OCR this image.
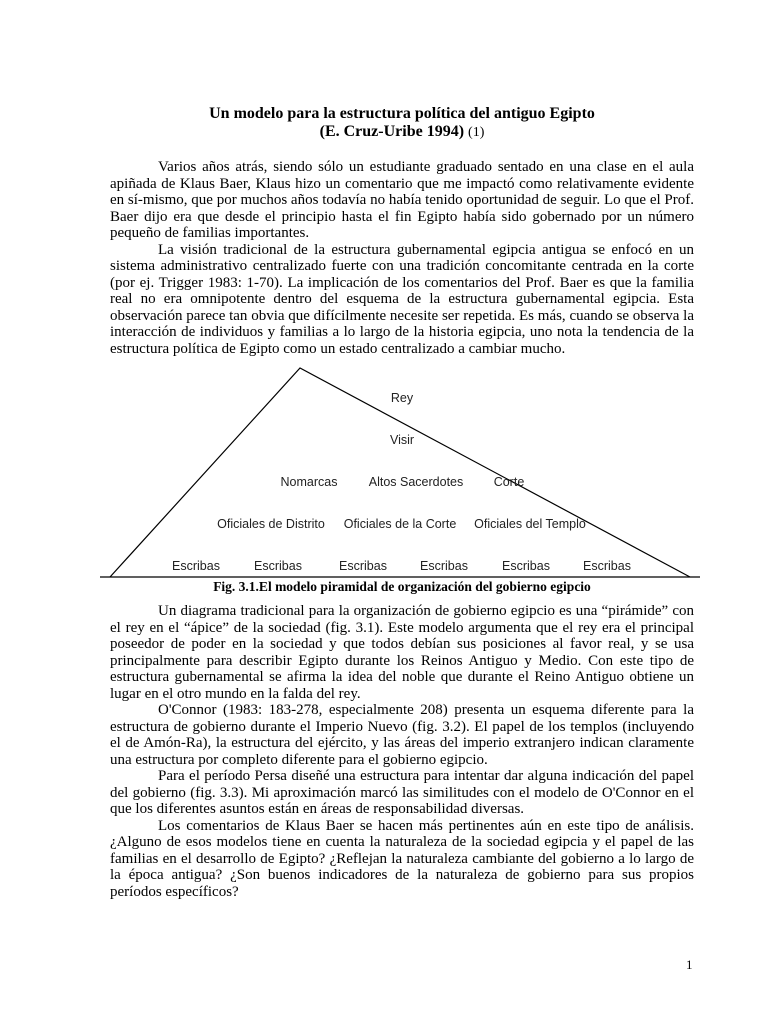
Un modelo para la estructura política del antiguo Egipto
(E. Cruz-Uribe 1994) (1)

Varios años atrás, siendo sólo un estudiante graduado sentado en una clase en el aula apiñada de Klaus Baer, Klaus hizo un comentario que me impactó como relativamente evidente en sí-mismo, que por muchos años todavía no había tenido oportunidad de seguir. Lo que el Prof. Baer dijo era que desde el principio hasta el fin Egipto había sido gobernado por un número pequeño de familias importantes.

La visión tradicional de la estructura gubernamental egipcia antigua se enfocó en un sistema administrativo centralizado fuerte con una tradición concomitante centrada en la corte (por ej. Trigger 1983: 1-70). La implicación de los comentarios del Prof. Baer es que la familia real no era omnipotente dentro del esquema de la estructura gubernamental egipcia. Esta observación parece tan obvia que difícilmente necesite ser repetida. Es más, cuando se observa la interacción de individuos y familias a lo largo de la historia egipcia, uno nota la tendencia de la estructura política de Egipto como un estado centralizado a cambiar mucho.

Rey
Visir
Nomarcas	Altos Sacerdotes Corte
Oficiales de Distrito Oficiales de la Corte Oficiales del Templo
Escribas	Escribas	Escribas	Escribas	Escribas	Escribas
Fig. 3.1.El modelo piramidal de organización del gobierno egipcio

Un diagrama tradicional para la organización de gobierno egipcio es una “pirámide” con el rey en el “ápice” de la sociedad (fig. 3.1). Este modelo argumenta que el rey era el principal poseedor de poder en la sociedad y que todos debían sus posiciones al favor real, y se usa principalmente para describir Egipto durante los Reinos Antiguo y Medio. Con este tipo de estructura gubernamental se afirma la idea del noble que durante el Reino Antiguo obtiene un lugar en el otro mundo en la falda del rey.

O'Connor (1983: 183-278, especialmente 208) presenta un esquema diferente para la estructura de gobierno durante el Imperio Nuevo (fig. 3.2). El papel de los templos (incluyendo el de Amón-Ra), la estructura del ejército, y las áreas del imperio extranjero indican claramente una estructura por completo diferente para el gobierno egipcio.

Para el período Persa diseñé una estructura para intentar dar alguna indicación del papel del gobierno (fig. 3.3). Mi aproximación marcó las similitudes con el modelo de O'Connor en el que los diferentes asuntos están en áreas de responsabilidad diversas.

Los comentarios de Klaus Baer se hacen más pertinentes aún en este tipo de análisis. ¿Alguno de esos modelos tiene en cuenta la naturaleza de la sociedad egipcia y el papel de las familias en el desarrollo de Egipto? ¿Reflejan la naturaleza cambiante del gobierno a lo largo de la época antigua? ¿Son buenos indicadores de la naturaleza de gobierno para sus propios períodos específicos?

1
